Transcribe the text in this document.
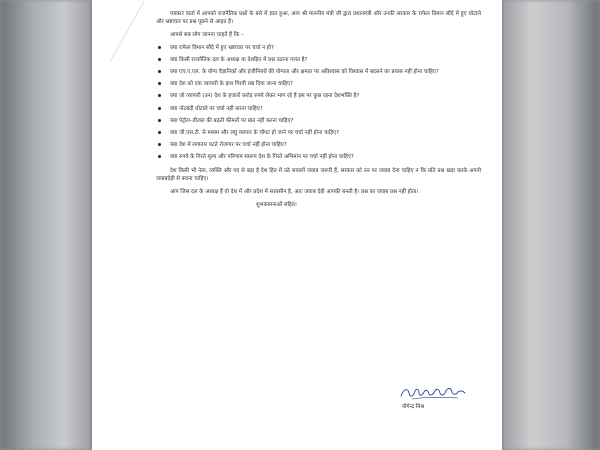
पत्रकार वार्ता में आपको राजनैतिक प्रश्नों के बारे में ज्ञात हुआ, आप श्री माननीय मंत्री जी द्वारा प्रधानमंत्री और उनकी सरकार के राफेल विमान सौदे में हुए घोटाले और भ्रष्टाचार पर प्रश्न पूछने से आहत हैं।

आपसे सब लोग जानना चाहते हैं कि –

क्या राफेल विमान सौदे में हुए भ्रष्टाचार पर चर्चा न हो?
क्या किसी राजनैतिक दल के अध्यक्ष या देशहित में प्रश्न उठाना गलत है?
क्या एच.ए.एल. के योग्य वैज्ञानिकों और इंजीनियरों की योग्यता और क्षमता पर अविश्वास को विश्वास में बदलने का प्रयास नहीं होना चाहिए?
क्या देश को एक व्यापारी के हाथ गिरवी रख दिया जाना चाहिए?
क्या जो व्यापारी (उन) देश के हजारों करोड़ रुपये लेकर भाग रहे हैं इस पर कुछ रहना देशभक्ति है?
क्या नोटबंदी घोटाले पर चर्चा नहीं करना चाहिए?
क्या पेट्रोल–डीजल की बढ़ती कीमतों पर बात नहीं करना चाहिए?
क्या जी.एस.टी. से मध्यम और लघु व्यापार के चौपट हो जाने पर चर्चा नहीं होना चाहिए?
क्या देश में लगातार घटते रोजगार पर चर्चा नहीं होना चाहिए?
क्या रुपये के गिरते मूल्य और परिणाम स्वरूप देश के गिरते अभिमान पर चर्चा नहीं होना चाहिए?

देश किसी भी नेता, व्यक्ति और पद से बड़ा है देश हित में उठे सवालों जवाब जरूरी हैं, सरकार को उन पर जवाब देना चाहिए न कि प्रति प्रश्न खड़ा करके अपनी जवाबदेही से बचना चाहिए।

आप जिस दल के अध्यक्ष हैं वो देश में और प्रदेश में सत्तासीन है, अतः जवाब देही आपकी बनती है। प्रश्न का जवाब प्रश्न नहीं होता।

शुभकामनाओं सहित।

योगेन्द्र मिश्र
